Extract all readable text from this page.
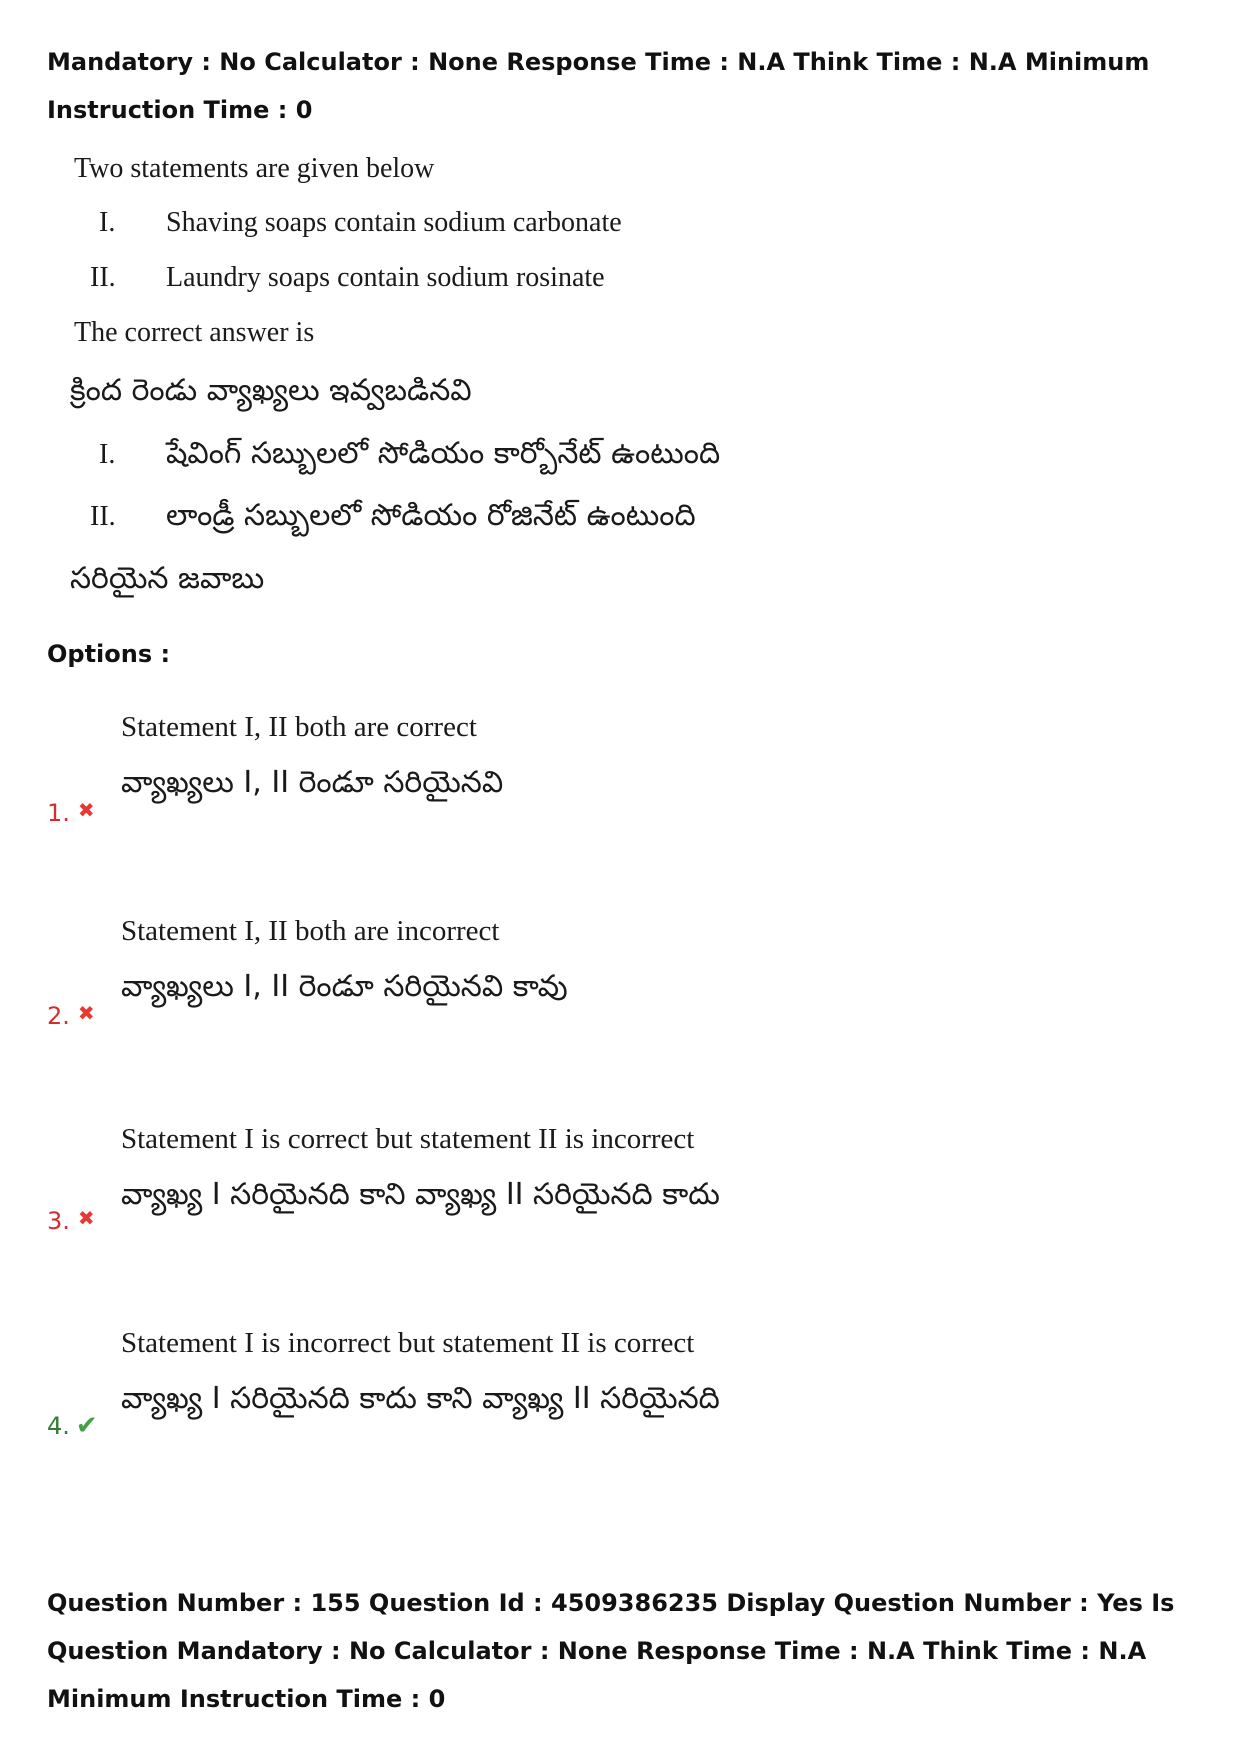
Mandatory : No Calculator : None Response Time : N.A Think Time : N.A Minimum Instruction Time : 0
Two statements are given below
I. Shaving soaps contain sodium carbonate
II. Laundry soaps contain sodium rosinate
The correct answer is
క్రింద రెండు వ్యాఖ్యలు ఇవ్వబడినవి
I. షేవింగ్ సబ్బులలో సోడియం కార్బోనేట్ ఉంటుంది
II. లాండ్రీ సబ్బులలో సోడియం రోజినేట్ ఉంటుంది
సరియైన జవాబు
Options :
Statement I, II both are correct
వ్యాఖ్యలు I, II రెండూ సరియైనవి
1. ✖
Statement I, II both are incorrect
వ్యాఖ్యలు I, II రెండూ సరియైనవి కావు
2. ✖
Statement I is correct but statement II is incorrect
వ్యాఖ్య I సరియైనది కాని వ్యాఖ్య II సరియైనది కాదు
3. ✖
Statement I is incorrect but statement II is correct
వ్యాఖ్య I సరియైనది కాదు కాని వ్యాఖ్య II సరియైనది
4. ✔
Question Number : 155 Question Id : 4509386235 Display Question Number : Yes Is Question Mandatory : No Calculator : None Response Time : N.A Think Time : N.A Minimum Instruction Time : 0
